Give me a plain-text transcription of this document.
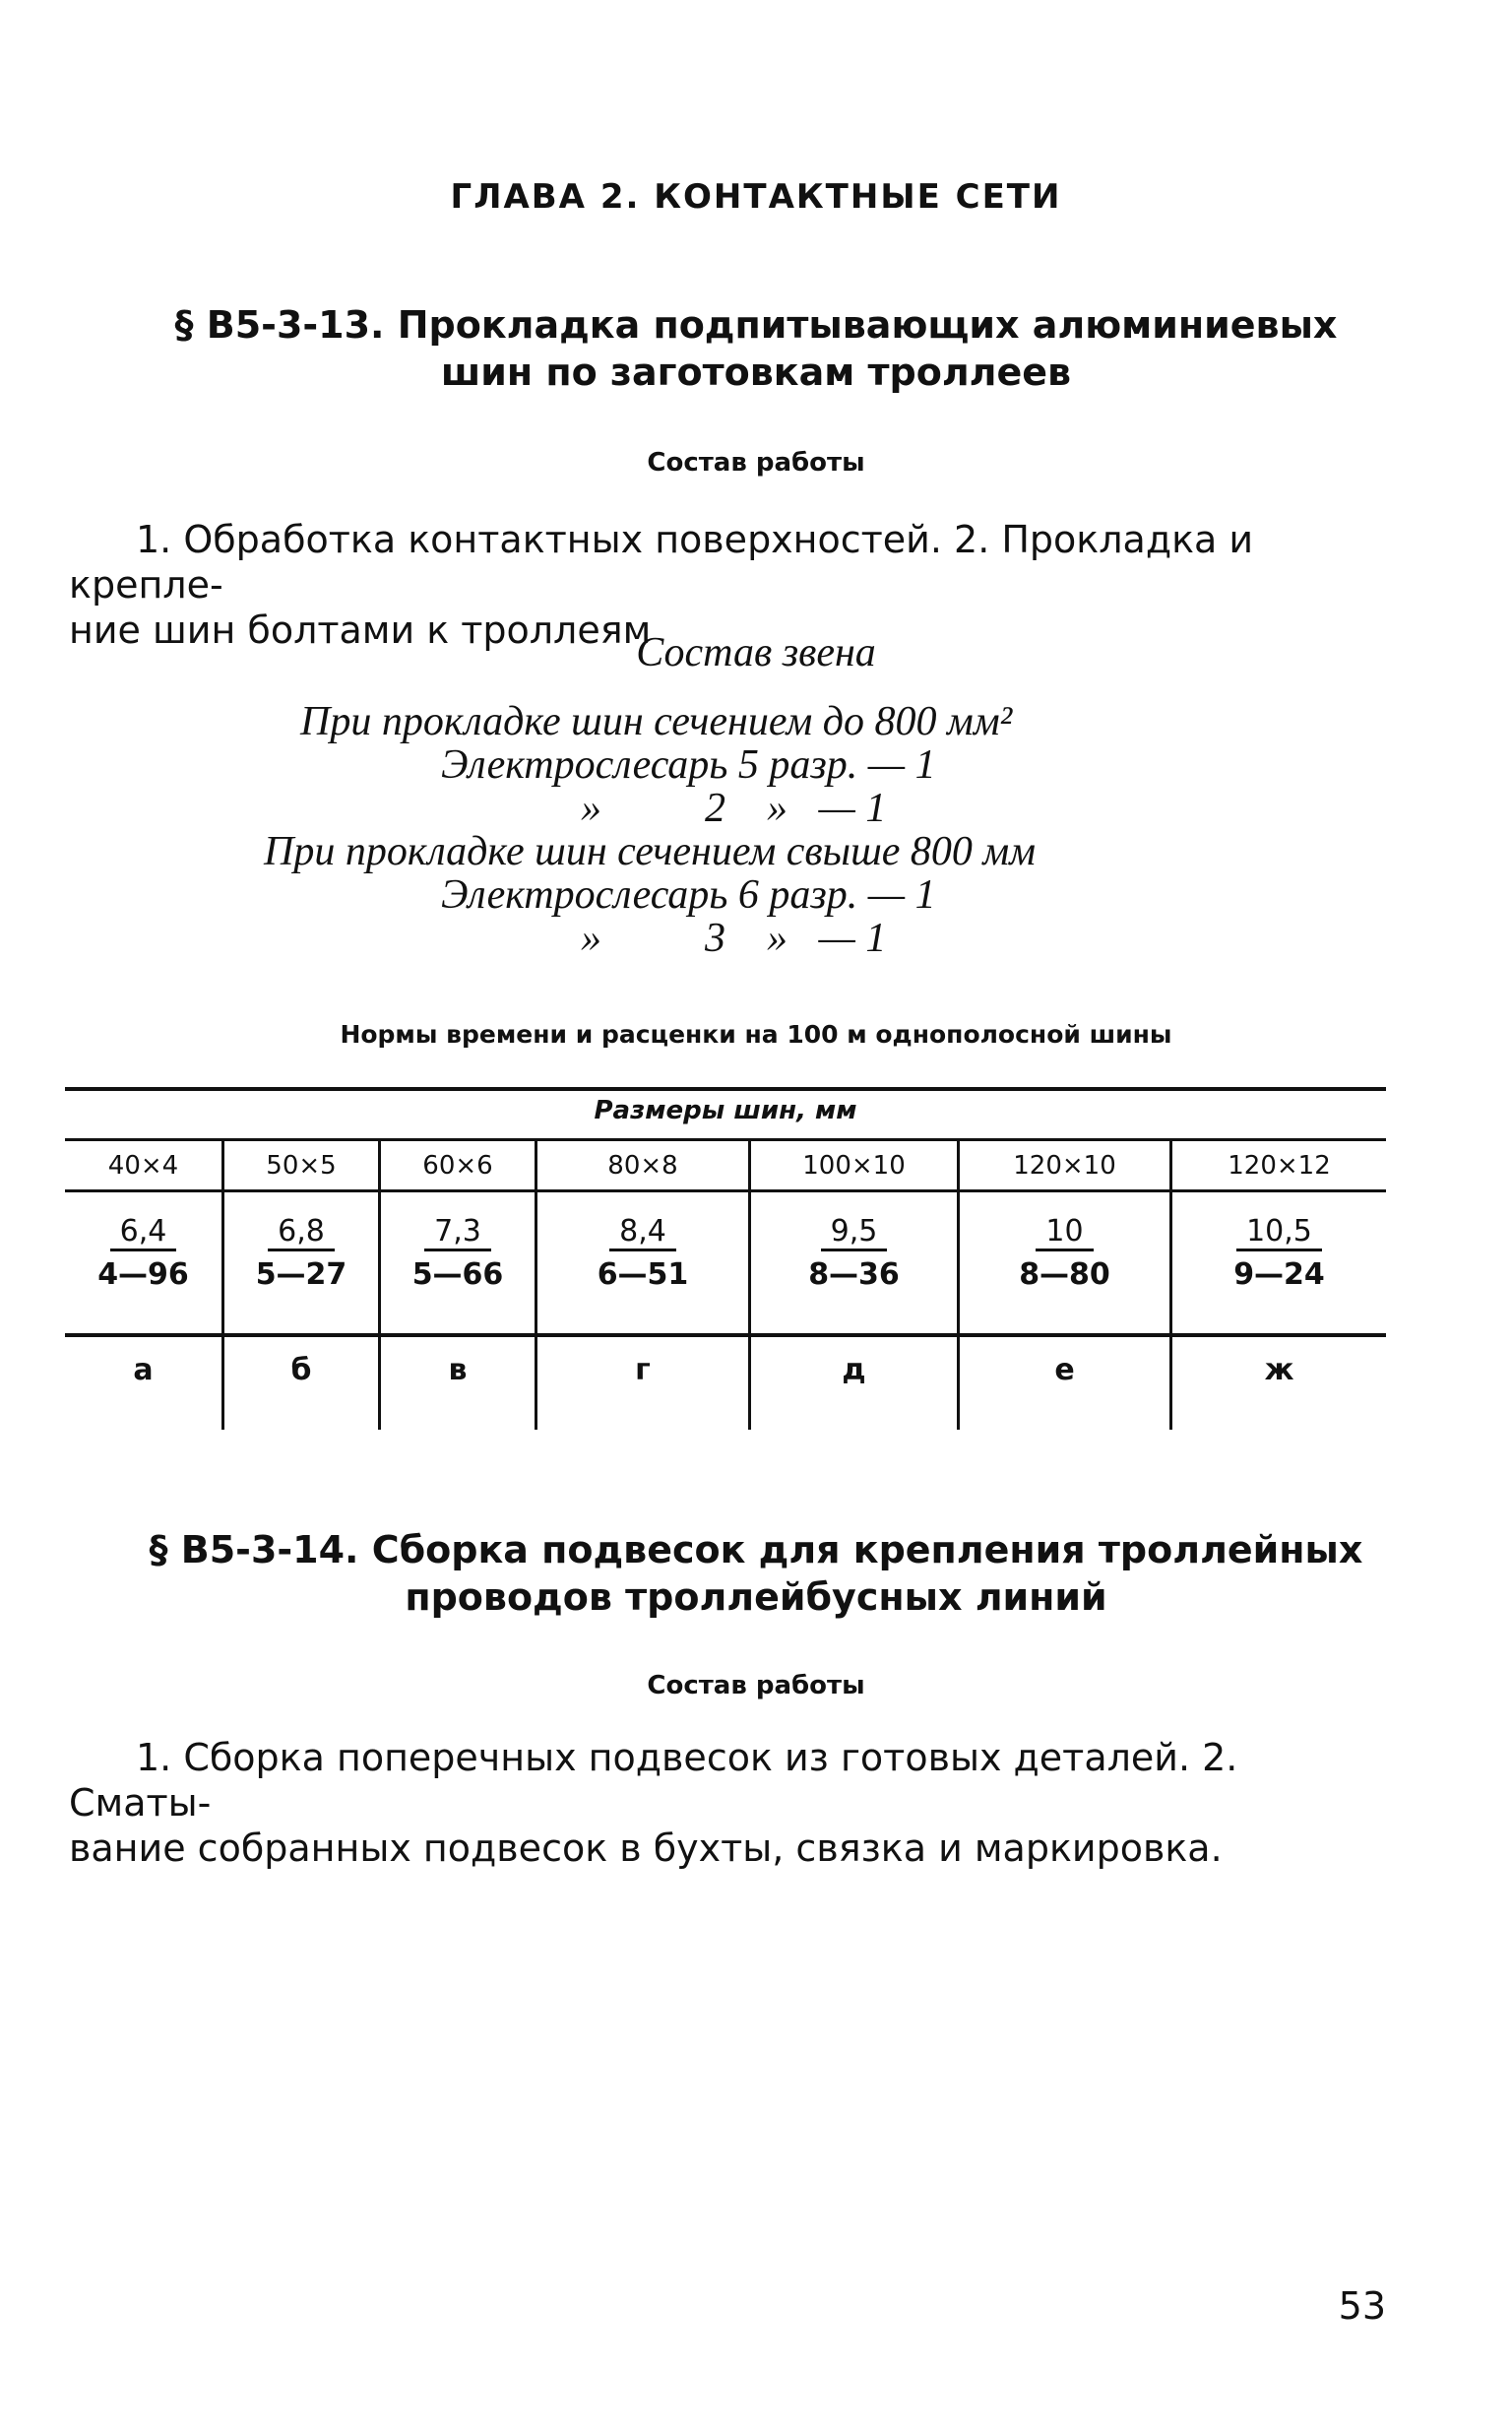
ГЛАВА 2. КОНТАКТНЫЕ СЕТИ
§ В5-3-13. Прокладка подпитывающих алюминиевых
шин по заготовкам троллеев
Состав работы
1. Обработка контактных поверхностей. 2. Прокладка и крепле-
ние шин болтами к троллеям
Состав звена
При прокладке шин сечением до 800 мм²
Электрослесарь 5 разр. — 1
»          2    »   — 1
При прокладке шин сечением свыше 800 мм
Электрослесарь 6 разр. — 1
»          3    »   — 1
Нормы времени и расценки на 100 м однополосной шины
Размеры шин, мм
40×4	50×5	60×6	80×8	100×10	120×10	120×12
$\frac{6,4}{4—96} \frac{6,8}{5—27} \frac{7,3}{5—66} \frac{8,4}{6—51} \frac{9,5}{8—36} \frac{10}{8—80} \frac{10,5}{9—24}$
а	б	в	г	д	е	ж
§ В5-3-14. Сборка подвесок для крепления троллейных
проводов троллейбусных линий
Состав работы
1. Сборка поперечных подвесок из готовых деталей. 2. Сматы-
вание собранных подвесок в бухты, связка и маркировка.
53
